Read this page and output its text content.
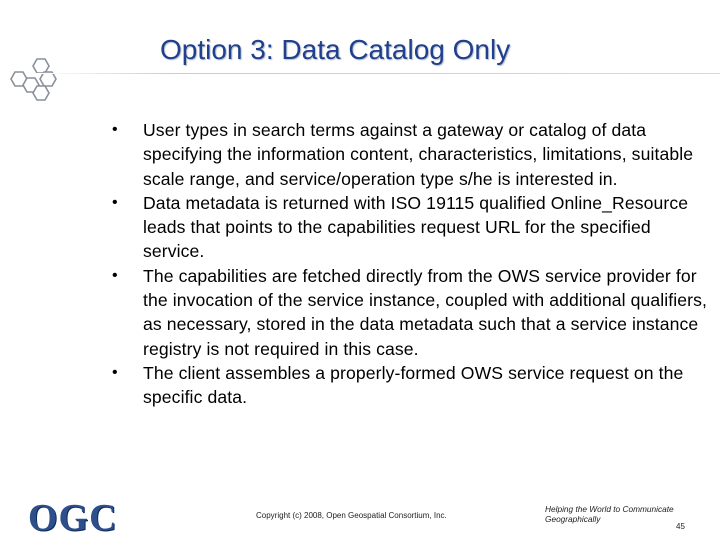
Option 3: Data Catalog Only
• User types in search terms against a gateway or catalog of data specifying the information content, characteristics, limitations, suitable scale range, and service/operation type s/he is interested in.
• Data metadata is returned with ISO 19115 qualified Online_Resource leads that points to the capabilities request URL for the specified service.
• The capabilities are fetched directly from the OWS service provider for the invocation of the service instance, coupled with additional qualifiers, as necessary, stored in the data metadata such that a service instance registry is not required in this case.
• The client assembles a properly-formed OWS service request on the specific data.
OGC	Copyright (c) 2008, Open Geospatial Consortium, Inc.
Helping the World to Communicate Geographically
45
